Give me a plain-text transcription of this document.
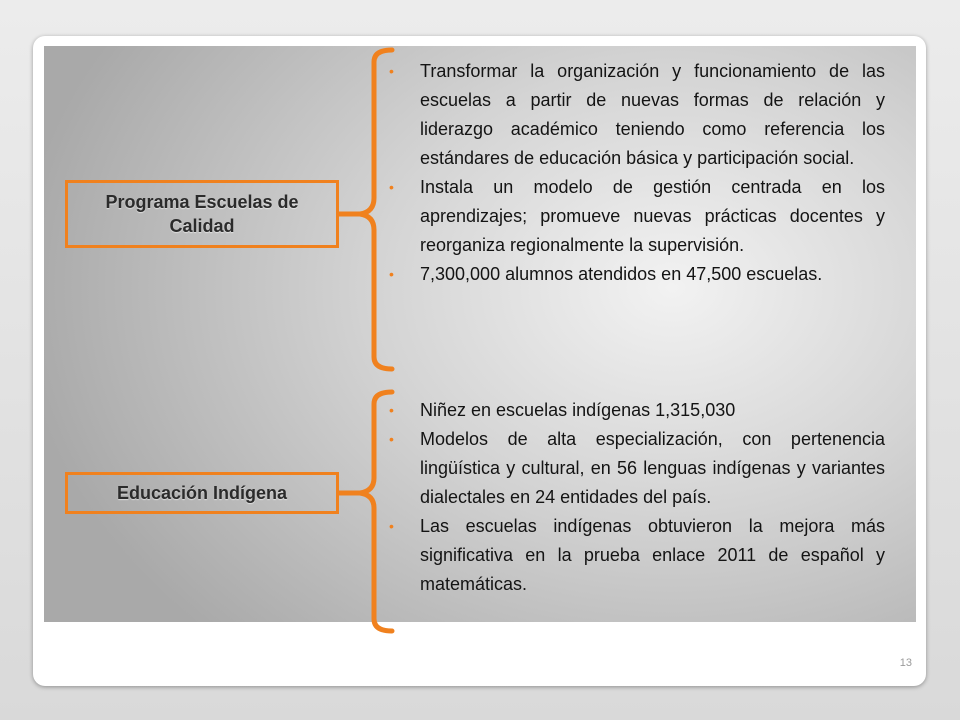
Programa Escuelas de
Calidad
Educación Indígena
• Transformar la organización y funcionamiento de las escuelas a partir de nuevas formas de relación y liderazgo académico teniendo como referencia los estándares de educación básica y participación social.
• Instala un modelo de gestión centrada en los aprendizajes; promueve nuevas prácticas docentes y reorganiza regionalmente la supervisión.
• 7,300,000 alumnos atendidos en 47,500 escuelas.
• Niñez en escuelas indígenas 1,315,030
• Modelos de alta especialización, con pertenencia lingüística y cultural, en 56 lenguas indígenas y variantes dialectales en 24 entidades del país.
• Las escuelas indígenas obtuvieron la mejora más significativa en la prueba enlace 2011 de español y matemáticas.
13
